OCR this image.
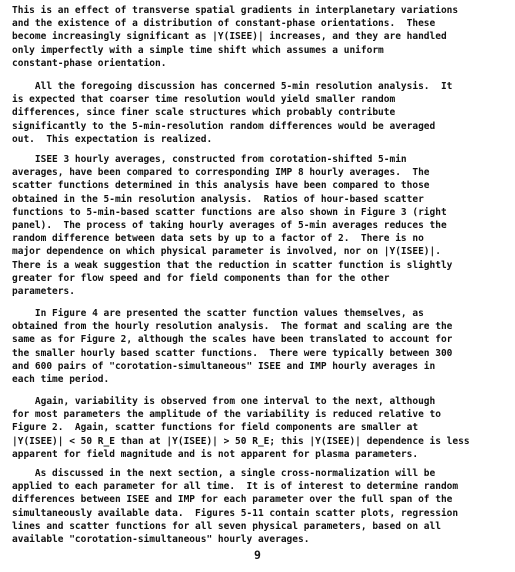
This is an effect of transverse spatial gradients in interplanetary variations
and the existence of a distribution of constant-phase orientations.  These
become increasingly significant as |Y(ISEE)| increases, and they are handled
only imperfectly with a simple time shift which assumes a uniform
constant-phase orientation.
All the foregoing discussion has concerned 5-min resolution analysis.  It
is expected that coarser time resolution would yield smaller random
differences, since finer scale structures which probably contribute
significantly to the 5-min-resolution random differences would be averaged
out.  This expectation is realized.
ISEE 3 hourly averages, constructed from corotation-shifted 5-min
averages, have been compared to corresponding IMP 8 hourly averages.  The
scatter functions determined in this analysis have been compared to those
obtained in the 5-min resolution analysis.  Ratios of hour-based scatter
functions to 5-min-based scatter functions are also shown in Figure 3 (right
panel).  The process of taking hourly averages of 5-min averages reduces the
random difference between data sets by up to a factor of 2.  There is no
major dependence on which physical parameter is involved, nor on |Y(ISEE)|.
There is a weak suggestion that the reduction in scatter function is slightly
greater for flow speed and for field components than for the other
parameters.
In Figure 4 are presented the scatter function values themselves, as
obtained from the hourly resolution analysis.  The format and scaling are the
same as for Figure 2, although the scales have been translated to account for
the smaller hourly based scatter functions.  There were typically between 300
and 600 pairs of "corotation-simultaneous" ISEE and IMP hourly averages in
each time period.
Again, variability is observed from one interval to the next, although
for most parameters the amplitude of the variability is reduced relative to
Figure 2.  Again, scatter functions for field components are smaller at
|Y(ISEE)| < 50 R_E than at |Y(ISEE)| > 50 R_E; this |Y(ISEE)| dependence is less
apparent for field magnitude and is not apparent for plasma parameters.
As discussed in the next section, a single cross-normalization will be
applied to each parameter for all time.  It is of interest to determine random
differences between ISEE and IMP for each parameter over the full span of the
simultaneously available data.  Figures 5-11 contain scatter plots, regression
lines and scatter functions for all seven physical parameters, based on all
available "corotation-simultaneous" hourly averages.
9
